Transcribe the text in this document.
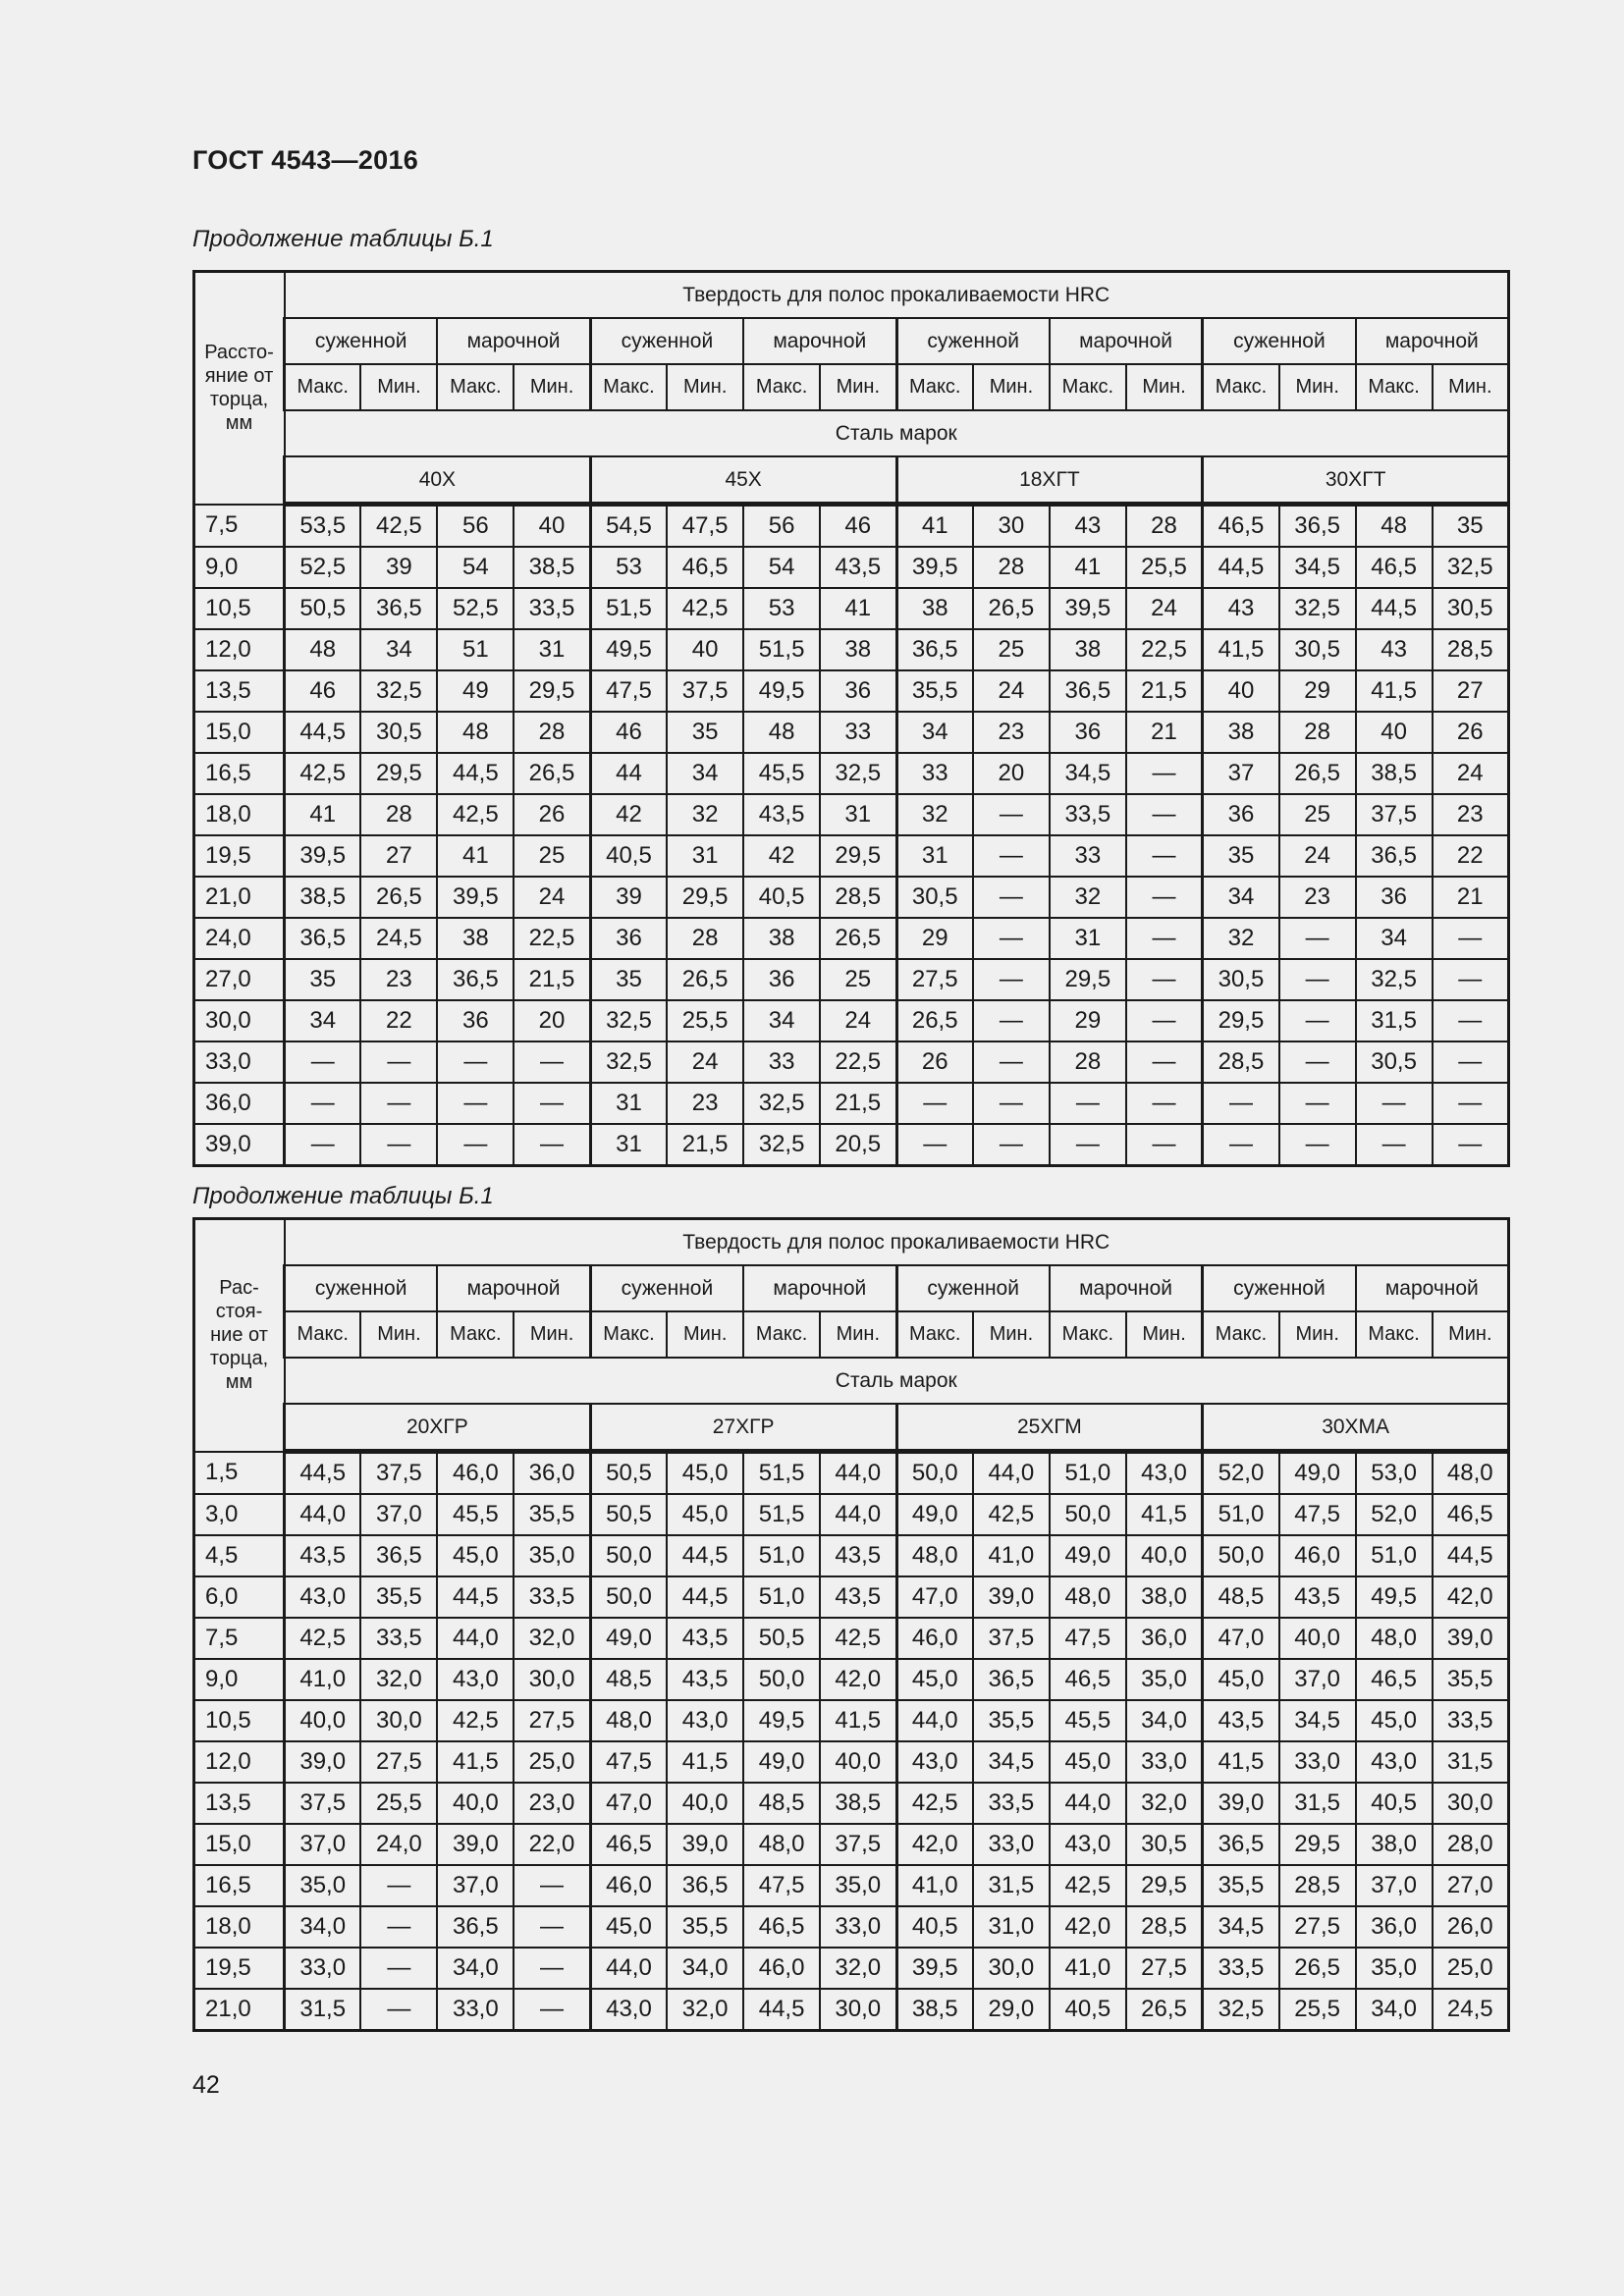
ГОСТ 4543—2016
Продолжение таблицы Б.1
Рассто-
яние от
торца,
мм	Твердость для полос прокаливаемости HRC															
	суженной		марочной		суженной		марочной		суженной		марочной		суженной		марочной	
	Макс.	Мин.	Макс.	Мин.	Макс.	Мин.	Макс.	Мин.	Макс.	Мин.	Макс.	Мин.	Макс.	Мин.	Макс.	Мин.
	Сталь марок															
	40Х				45Х				18ХГТ				30ХГТ			
7,5	53,5	42,5	56	40	54,5	47,5	56	46	41	30	43	28	46,5	36,5	48	35
9,0	52,5	39	54	38,5	53	46,5	54	43,5	39,5	28	41	25,5	44,5	34,5	46,5	32,5
10,5	50,5	36,5	52,5	33,5	51,5	42,5	53	41	38	26,5	39,5	24	43	32,5	44,5	30,5
12,0	48	34	51	31	49,5	40	51,5	38	36,5	25	38	22,5	41,5	30,5	43	28,5
13,5	46	32,5	49	29,5	47,5	37,5	49,5	36	35,5	24	36,5	21,5	40	29	41,5	27
15,0	44,5	30,5	48	28	46	35	48	33	34	23	36	21	38	28	40	26
16,5	42,5	29,5	44,5	26,5	44	34	45,5	32,5	33	20	34,5	—	37	26,5	38,5	24
18,0	41	28	42,5	26	42	32	43,5	31	32	—	33,5	—	36	25	37,5	23
19,5	39,5	27	41	25	40,5	31	42	29,5	31	—	33	—	35	24	36,5	22
21,0	38,5	26,5	39,5	24	39	29,5	40,5	28,5	30,5	—	32	—	34	23	36	21
24,0	36,5	24,5	38	22,5	36	28	38	26,5	29	—	31	—	32	—	34	—
27,0	35	23	36,5	21,5	35	26,5	36	25	27,5	—	29,5	—	30,5	—	32,5	—
30,0	34	22	36	20	32,5	25,5	34	24	26,5	—	29	—	29,5	—	31,5	—
33,0	—	—	—	—	32,5	24	33	22,5	26	—	28	—	28,5	—	30,5	—
36,0	—	—	—	—	31	23	32,5	21,5	—	—	—	—	—	—	—	—
39,0	—	—	—	—	31	21,5	32,5	20,5	—	—	—	—	—	—	—	—
Продолжение таблицы Б.1
Рас-
стоя-
ние от
торца,
мм	Твердость для полос прокаливаемости HRC															
	суженной		марочной		суженной		марочной		суженной		марочной		суженной		марочной	
	Макс.	Мин.	Макс.	Мин.	Макс.	Мин.	Макс.	Мин.	Макс.	Мин.	Макс.	Мин.	Макс.	Мин.	Макс.	Мин.
	Сталь марок															
	20ХГР				27ХГР				25ХГМ				30ХМА			
1,5	44,5	37,5	46,0	36,0	50,5	45,0	51,5	44,0	50,0	44,0	51,0	43,0	52,0	49,0	53,0	48,0
3,0	44,0	37,0	45,5	35,5	50,5	45,0	51,5	44,0	49,0	42,5	50,0	41,5	51,0	47,5	52,0	46,5
4,5	43,5	36,5	45,0	35,0	50,0	44,5	51,0	43,5	48,0	41,0	49,0	40,0	50,0	46,0	51,0	44,5
6,0	43,0	35,5	44,5	33,5	50,0	44,5	51,0	43,5	47,0	39,0	48,0	38,0	48,5	43,5	49,5	42,0
7,5	42,5	33,5	44,0	32,0	49,0	43,5	50,5	42,5	46,0	37,5	47,5	36,0	47,0	40,0	48,0	39,0
9,0	41,0	32,0	43,0	30,0	48,5	43,5	50,0	42,0	45,0	36,5	46,5	35,0	45,0	37,0	46,5	35,5
10,5	40,0	30,0	42,5	27,5	48,0	43,0	49,5	41,5	44,0	35,5	45,5	34,0	43,5	34,5	45,0	33,5
12,0	39,0	27,5	41,5	25,0	47,5	41,5	49,0	40,0	43,0	34,5	45,0	33,0	41,5	33,0	43,0	31,5
13,5	37,5	25,5	40,0	23,0	47,0	40,0	48,5	38,5	42,5	33,5	44,0	32,0	39,0	31,5	40,5	30,0
15,0	37,0	24,0	39,0	22,0	46,5	39,0	48,0	37,5	42,0	33,0	43,0	30,5	36,5	29,5	38,0	28,0
16,5	35,0	—	37,0	—	46,0	36,5	47,5	35,0	41,0	31,5	42,5	29,5	35,5	28,5	37,0	27,0
18,0	34,0	—	36,5	—	45,0	35,5	46,5	33,0	40,5	31,0	42,0	28,5	34,5	27,5	36,0	26,0
19,5	33,0	—	34,0	—	44,0	34,0	46,0	32,0	39,5	30,0	41,0	27,5	33,5	26,5	35,0	25,0
21,0	31,5	—	33,0	—	43,0	32,0	44,5	30,0	38,5	29,0	40,5	26,5	32,5	25,5	34,0	24,5
42
